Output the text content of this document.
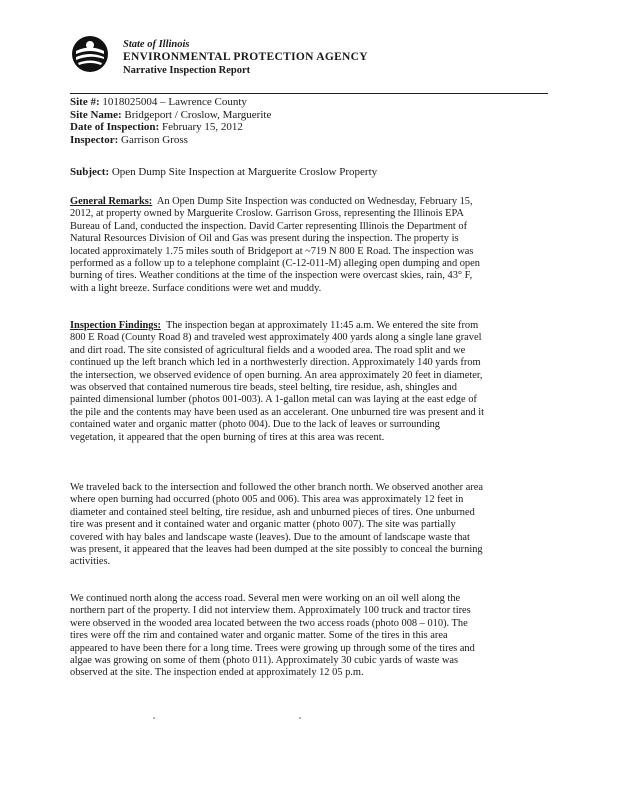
State of Illinois
ENVIRONMENTAL PROTECTION AGENCY
Narrative Inspection Report
Site #: 1018025004 – Lawrence County
Site Name: Bridgeport / Croslow, Marguerite
Date of Inspection: February 15, 2012
Inspector: Garrison Gross
Subject: Open Dump Site Inspection at Marguerite Croslow Property
General Remarks: An Open Dump Site Inspection was conducted on Wednesday, February 15,
2012, at property owned by Marguerite Croslow. Garrison Gross, representing the Illinois EPA
Bureau of Land, conducted the inspection. David Carter representing Illinois the Department of
Natural Resources Division of Oil and Gas was present during the inspection. The property is
located approximately 1.75 miles south of Bridgeport at ~719 N 800 E Road. The inspection was
performed as a follow up to a telephone complaint (C-12-011-M) alleging open dumping and open
burning of tires. Weather conditions at the time of the inspection were overcast skies, rain, 43° F,
with a light breeze. Surface conditions were wet and muddy.
Inspection Findings: The inspection began at approximately 11:45 a.m. We entered the site from
800 E Road (County Road 8) and traveled west approximately 400 yards along a single lane gravel
and dirt road. The site consisted of agricultural fields and a wooded area. The road split and we
continued up the left branch which led in a northwesterly direction. Approximately 140 yards from
the intersection, we observed evidence of open burning. An area approximately 20 feet in diameter,
was observed that contained numerous tire beads, steel belting, tire residue, ash, shingles and
painted dimensional lumber (photos 001-003). A 1-gallon metal can was laying at the east edge of
the pile and the contents may have been used as an accelerant. One unburned tire was present and it
contained water and organic matter (photo 004). Due to the lack of leaves or surrounding
vegetation, it appeared that the open burning of tires at this area was recent.
We traveled back to the intersection and followed the other branch north. We observed another area
where open burning had occurred (photo 005 and 006). This area was approximately 12 feet in
diameter and contained steel belting, tire residue, ash and unburned pieces of tires. One unburned
tire was present and it contained water and organic matter (photo 007). The site was partially
covered with hay bales and landscape waste (leaves). Due to the amount of landscape waste that
was present, it appeared that the leaves had been dumped at the site possibly to conceal the burning
activities.
We continued north along the access road. Several men were working on an oil well along the
northern part of the property. I did not interview them. Approximately 100 truck and tractor tires
were observed in the wooded area located between the two access roads (photo 008 – 010). The
tires were off the rim and contained water and organic matter. Some of the tires in this area
appeared to have been there for a long time. Trees were growing up through some of the tires and
algae was growing on some of them (photo 011). Approximately 30 cubic yards of waste was
observed at the site. The inspection ended at approximately 12 05 p.m.
